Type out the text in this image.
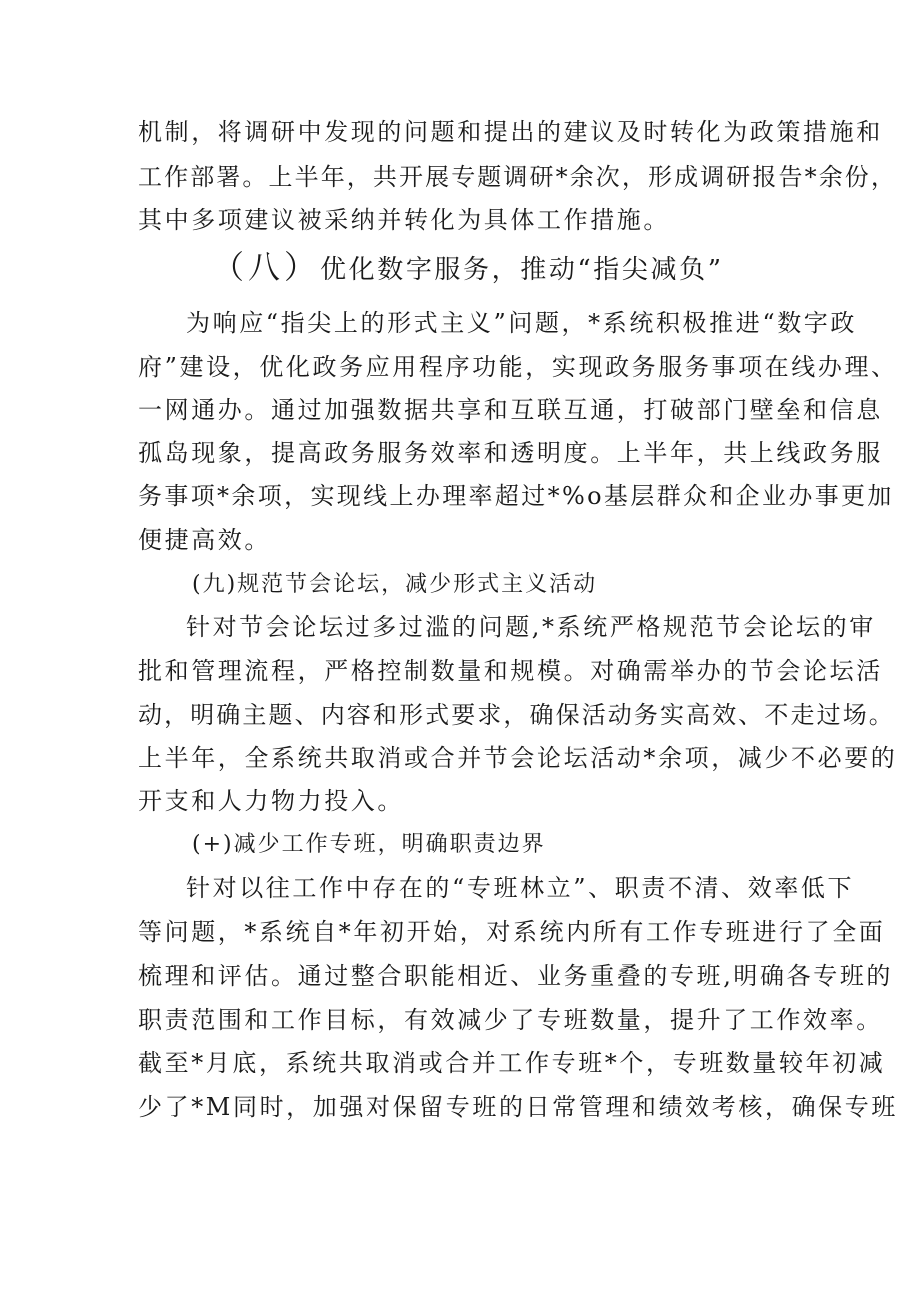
机制，将调研中发现的问题和提出的建议及时转化为政策措施和
工作部署。上半年，共开展专题调研*余次，形成调研报告*余份，
其中多项建议被采纳并转化为具体工作措施。
（八）优化数字服务，推动“指尖减负”
为响应“指尖上的形式主义”问题，*系统积极推进“数字政
府”建设，优化政务应用程序功能，实现政务服务事项在线办理、
一网通办。通过加强数据共享和互联互通，打破部门壁垒和信息
孤岛现象，提高政务服务效率和透明度。上半年，共上线政务服
务事项*余项，实现线上办理率超过*%o基层群众和企业办事更加
便捷高效。
(九)规范节会论坛，减少形式主义活动
针对节会论坛过多过滥的问题,*系统严格规范节会论坛的审
批和管理流程，严格控制数量和规模。对确需举办的节会论坛活
动，明确主题、内容和形式要求，确保活动务实高效、不走过场。
上半年，全系统共取消或合并节会论坛活动*余项，减少不必要的
开支和人力物力投入。
(+)减少工作专班，明确职责边界
针对以往工作中存在的“专班林立”、职责不清、效率低下
等问题，*系统自*年初开始，对系统内所有工作专班进行了全面
梳理和评估。通过整合职能相近、业务重叠的专班,明确各专班的
职责范围和工作目标，有效减少了专班数量，提升了工作效率。
截至*月底，系统共取消或合并工作专班*个，专班数量较年初减
少了*M同时，加强对保留专班的日常管理和绩效考核，确保专班
